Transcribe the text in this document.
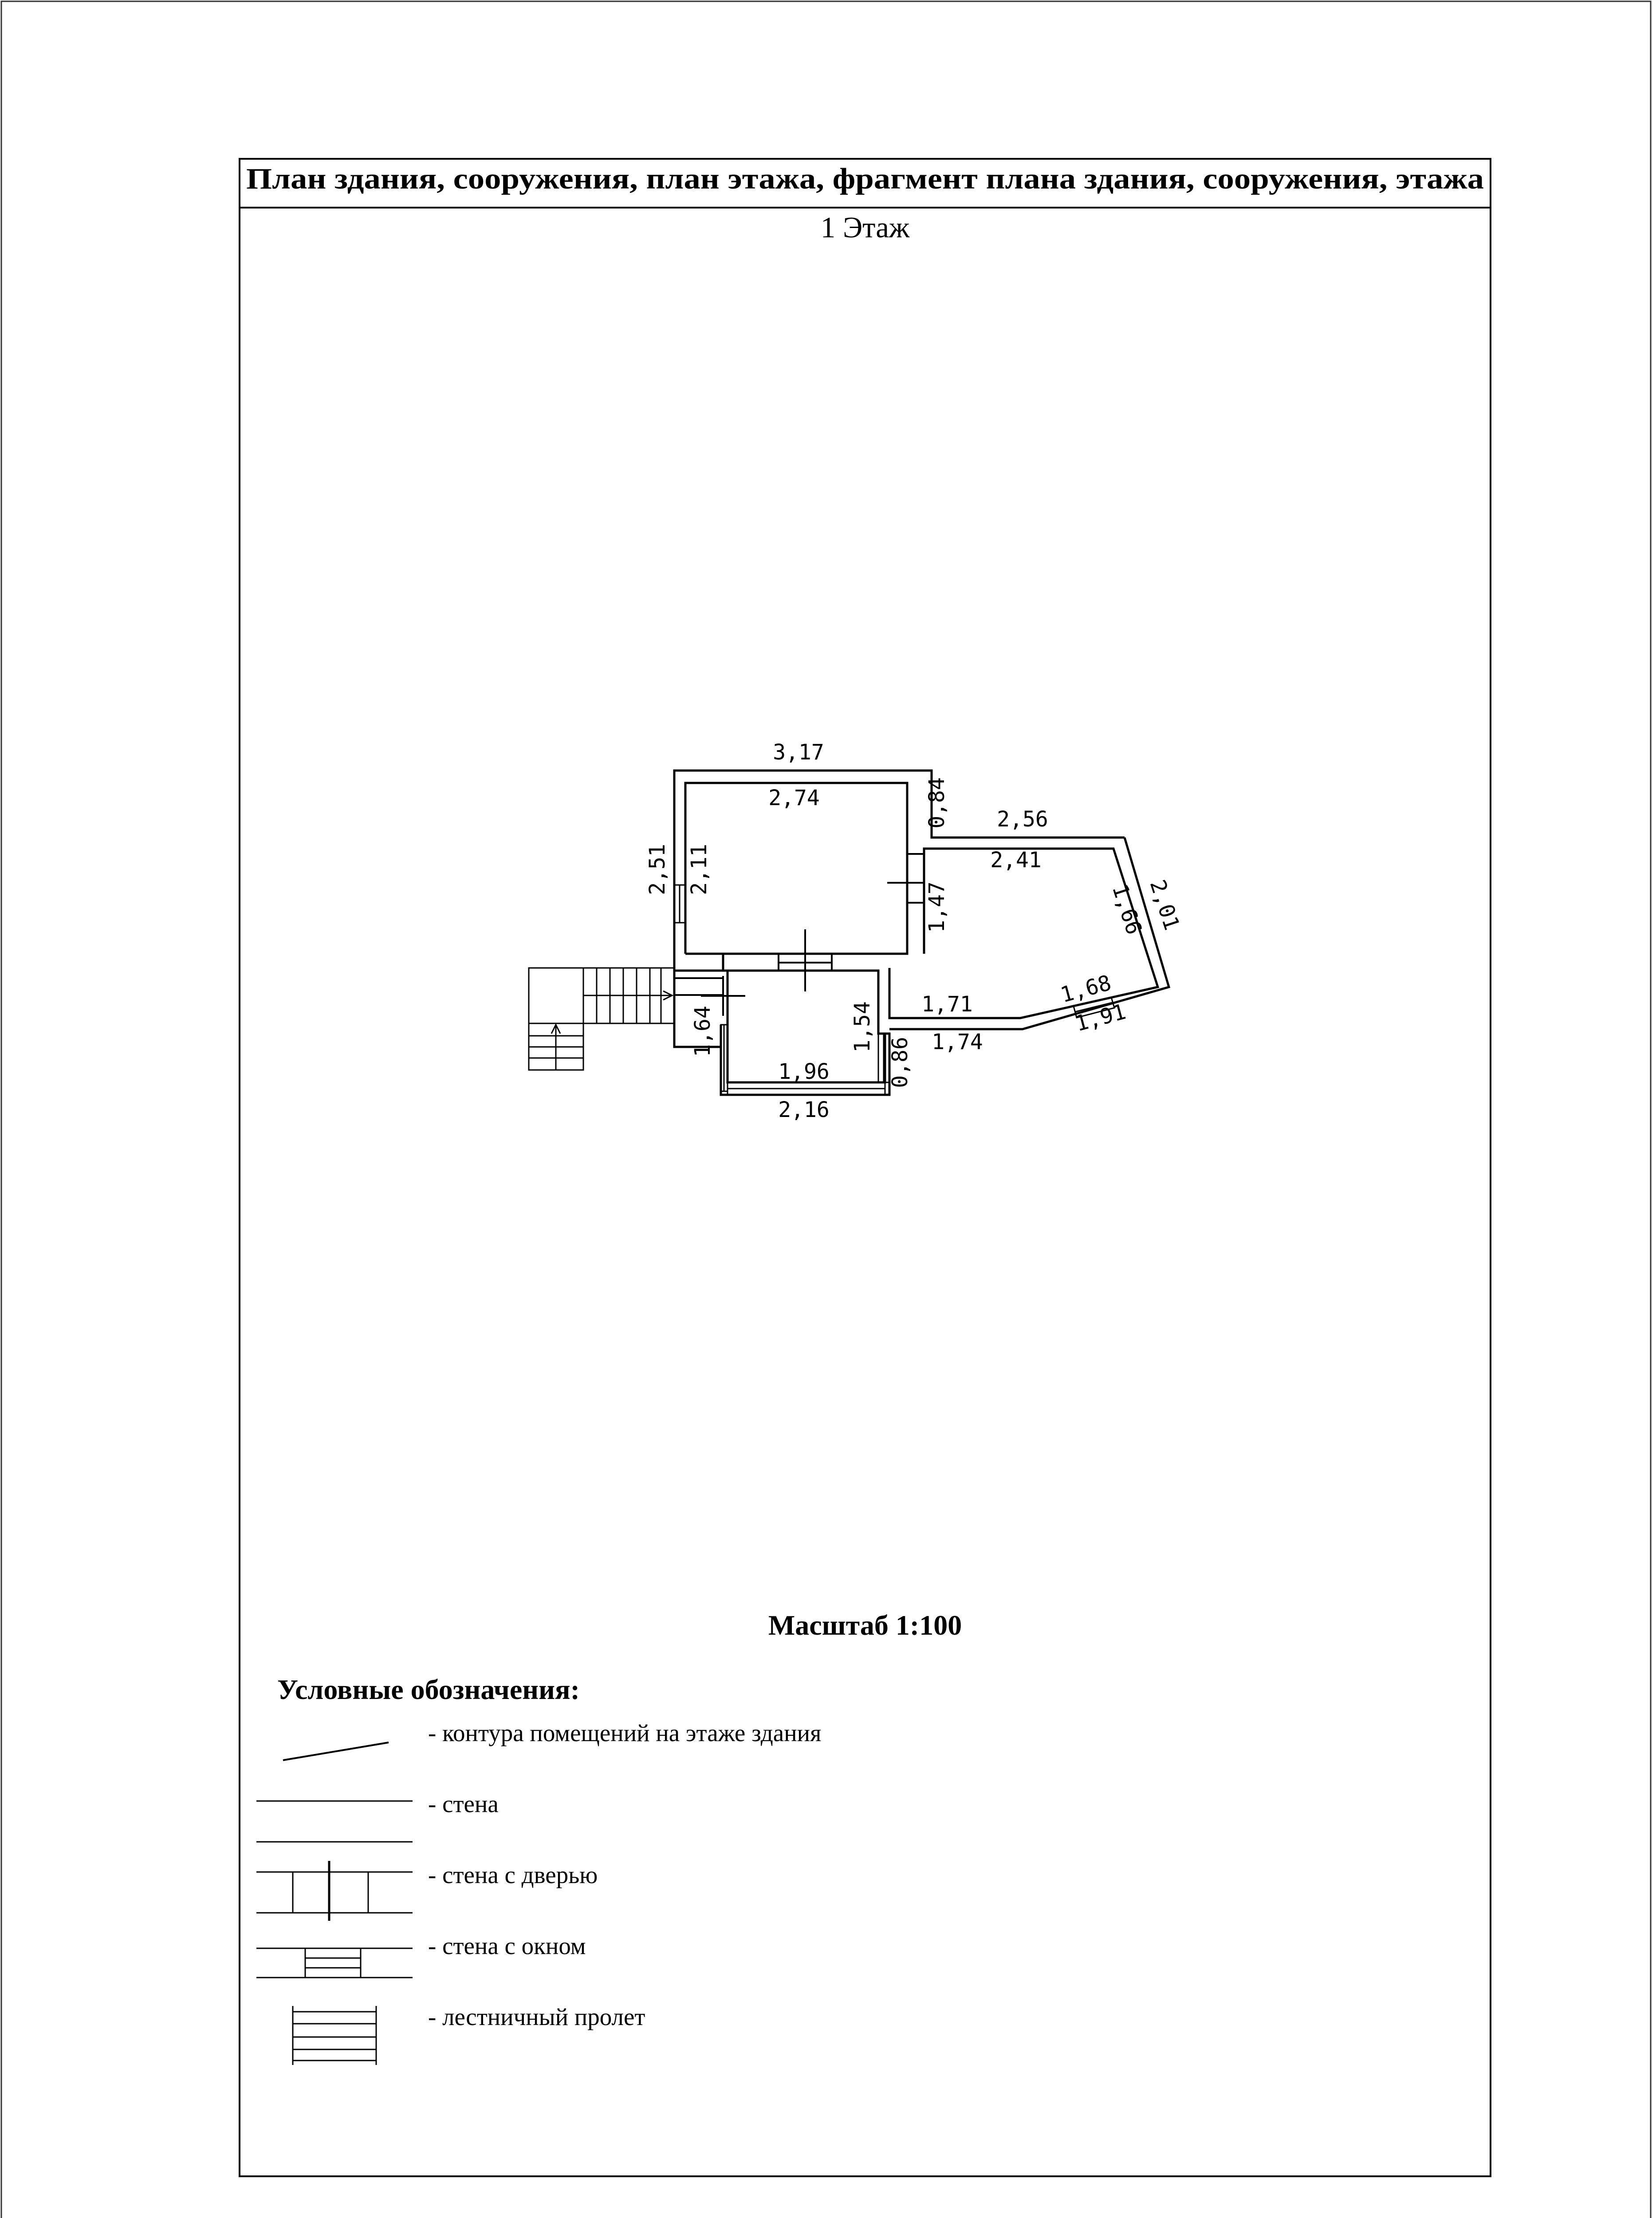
План здания, сооружения, план этажа, фрагмент плана здания, сооружения, этажа
1 Этаж
3,17
2,74
2,51 2,11
0,84
1,47
2,56
2,41
1,66
2,01
1,68
1,91
1,71
1,74
1,64	1,54
1,96
2,16
0,86
Масштаб 1:100
Условные обозначения:
- контура помещений на этаже здания
- стена
- стена с дверью
- стена с окном
- лестничный пролет
